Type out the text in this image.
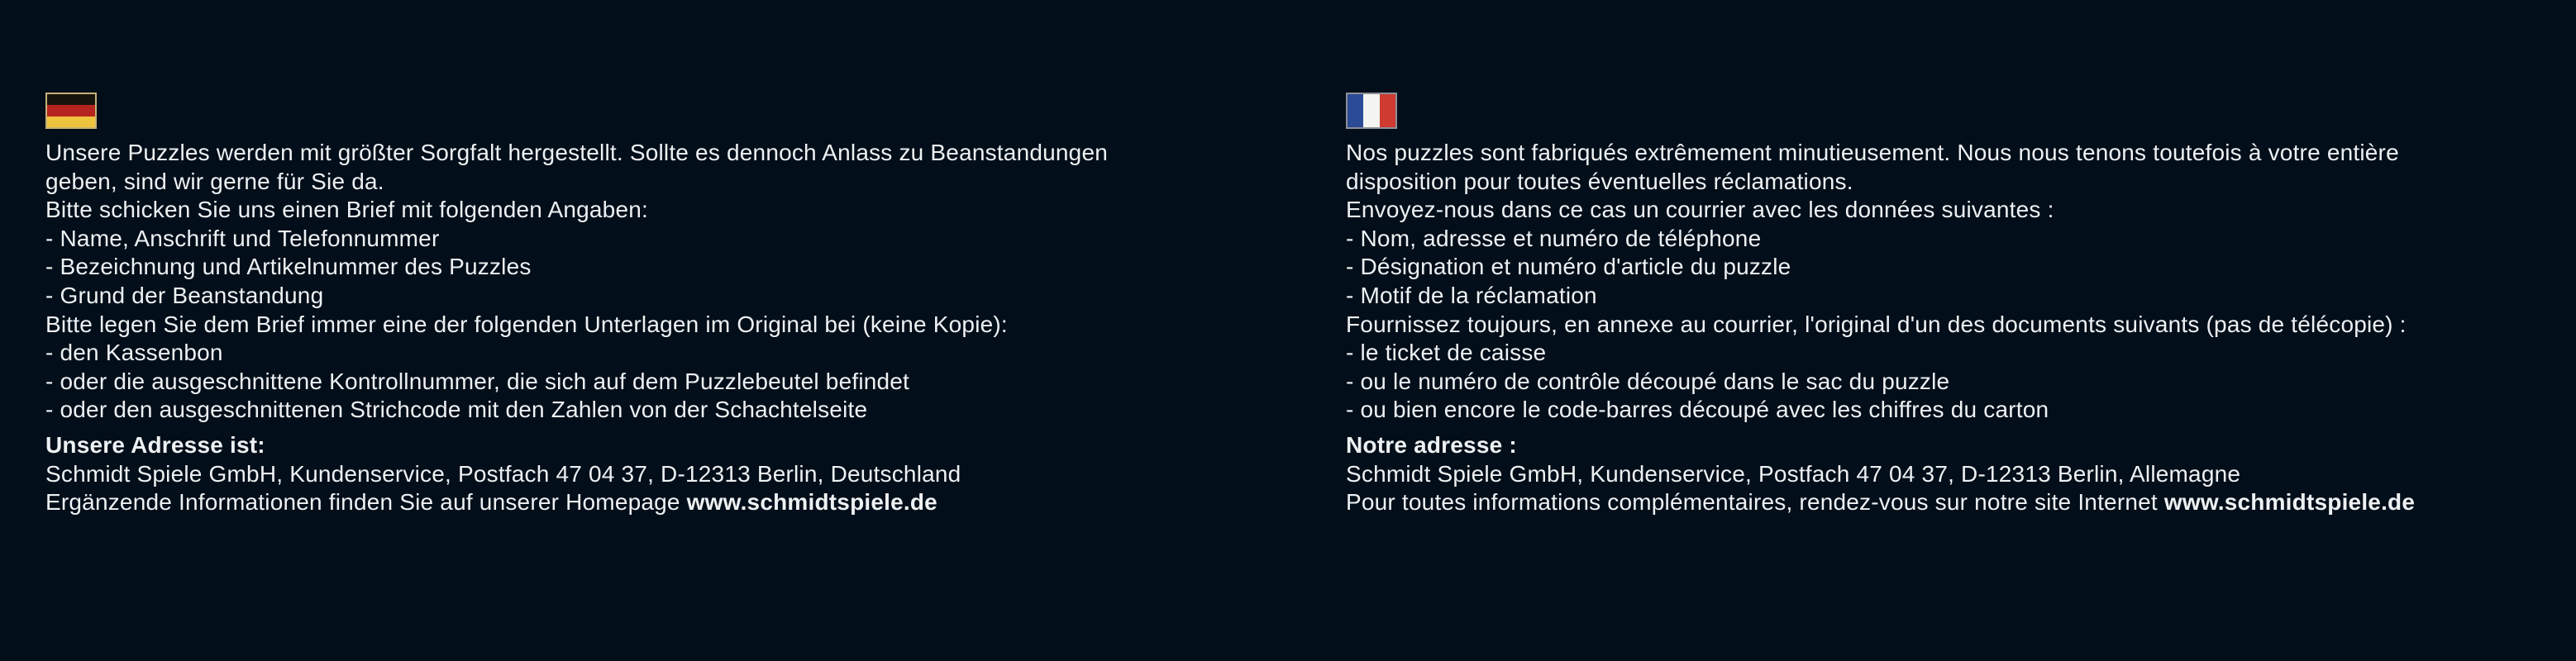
Unsere Puzzles werden mit größter Sorgfalt hergestellt. Sollte es dennoch Anlass zu Beanstandungen
geben, sind wir gerne für Sie da.
Bitte schicken Sie uns einen Brief mit folgenden Angaben:
- Name, Anschrift und Telefonnummer
- Bezeichnung und Artikelnummer des Puzzles
- Grund der Beanstandung
Bitte legen Sie dem Brief immer eine der folgenden Unterlagen im Original bei (keine Kopie):
- den Kassenbon
- oder die ausgeschnittene Kontrollnummer, die sich auf dem Puzzlebeutel befindet
- oder den ausgeschnittenen Strichcode mit den Zahlen von der Schachtelseite
Unsere Adresse ist:
Schmidt Spiele GmbH, Kundenservice, Postfach 47 04 37, D-12313 Berlin, Deutschland
Ergänzende Informationen finden Sie auf unserer Homepage www.schmidtspiele.de
Nos puzzles sont fabriqués extrêmement minutieusement. Nous nous tenons toutefois à votre entière
disposition pour toutes éventuelles réclamations.
Envoyez-nous dans ce cas un courrier avec les données suivantes :
- Nom, adresse et numéro de téléphone
- Désignation et numéro d'article du puzzle
- Motif de la réclamation
Fournissez toujours, en annexe au courrier, l'original d'un des documents suivants (pas de télécopie) :
- le ticket de caisse
- ou le numéro de contrôle découpé dans le sac du puzzle
- ou bien encore le code-barres découpé avec les chiffres du carton
Notre adresse :
Schmidt Spiele GmbH, Kundenservice, Postfach 47 04 37, D-12313 Berlin, Allemagne
Pour toutes informations complémentaires, rendez-vous sur notre site Internet www.schmidtspiele.de
